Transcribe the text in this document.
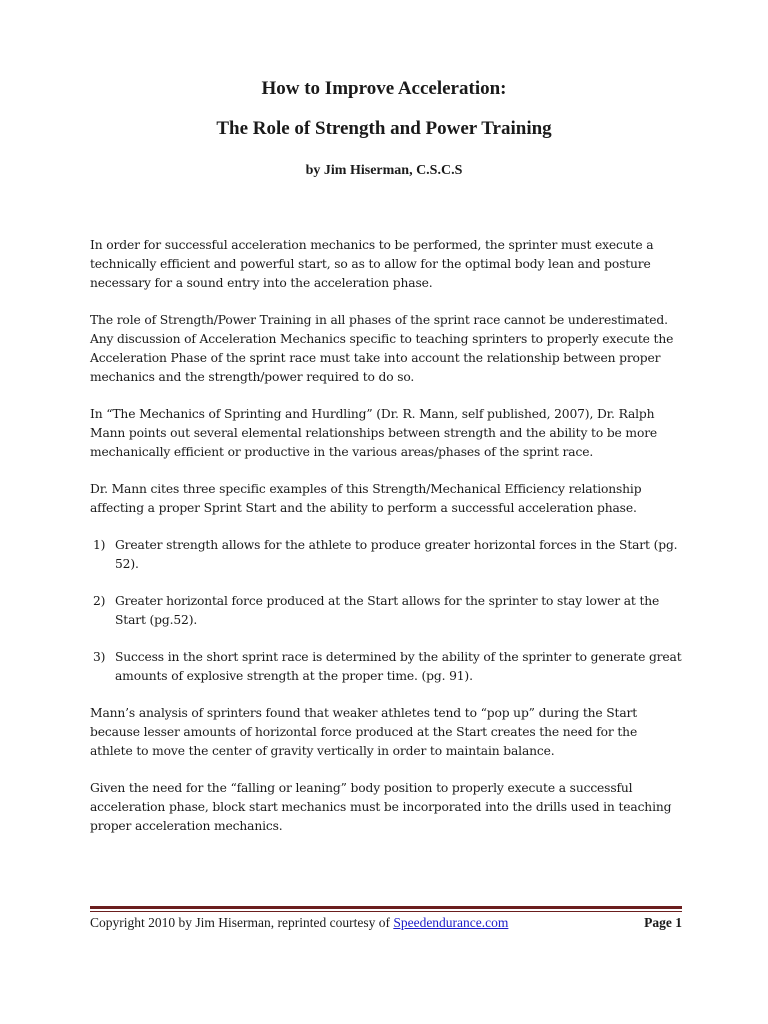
How to Improve Acceleration:
The Role of Strength and Power Training
by Jim Hiserman, C.S.C.S

In order for successful acceleration mechanics to be performed, the sprinter must execute a technically efficient and powerful start, so as to allow for the optimal body lean and posture necessary for a sound entry into the acceleration phase.

The role of Strength/Power Training in all phases of the sprint race cannot be underestimated. Any discussion of Acceleration Mechanics specific to teaching sprinters to properly execute the Acceleration Phase of the sprint race must take into account the relationship between proper mechanics and the strength/power required to do so.

In “The Mechanics of Sprinting and Hurdling” (Dr. R. Mann, self published, 2007), Dr. Ralph Mann points out several elemental relationships between strength and the ability to be more mechanically efficient or productive in the various areas/phases of the sprint race.

Dr. Mann cites three specific examples of this Strength/Mechanical Efficiency relationship affecting a proper Sprint Start and the ability to perform a successful acceleration phase.

1) Greater strength allows for the athlete to produce greater horizontal forces in the Start (pg. 52).
2) Greater horizontal force produced at the Start allows for the sprinter to stay lower at the Start (pg.52).
3) Success in the short sprint race is determined by the ability of the sprinter to generate great amounts of explosive strength at the proper time. (pg. 91).

Mann’s analysis of sprinters found that weaker athletes tend to “pop up” during the Start because lesser amounts of horizontal force produced at the Start creates the need for the athlete to move the center of gravity vertically in order to maintain balance.

Given the need for the “falling or leaning” body position to properly execute a successful acceleration phase, block start mechanics must be incorporated into the drills used in teaching proper acceleration mechanics.

Copyright 2010 by Jim Hiserman, reprinted courtesy of Speedendurance.com	Page 1
